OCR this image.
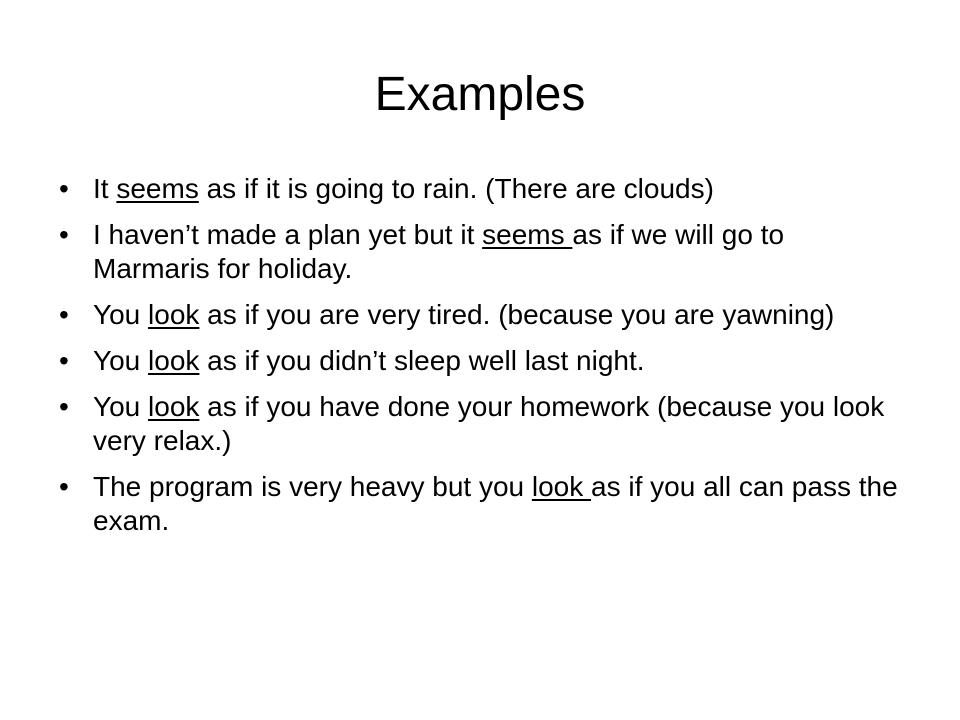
Examples
• It seems as if it is going to rain. (There are clouds)
• I haven’t made a plan yet but it seems as if we will go to Marmaris for holiday.
• You look as if you are very tired. (because you are yawning)
• You look as if you didn’t sleep well last night.
• You look as if you have done your homework (because you look very relax.)
• The program is very heavy but you look as if you all can pass the exam.
